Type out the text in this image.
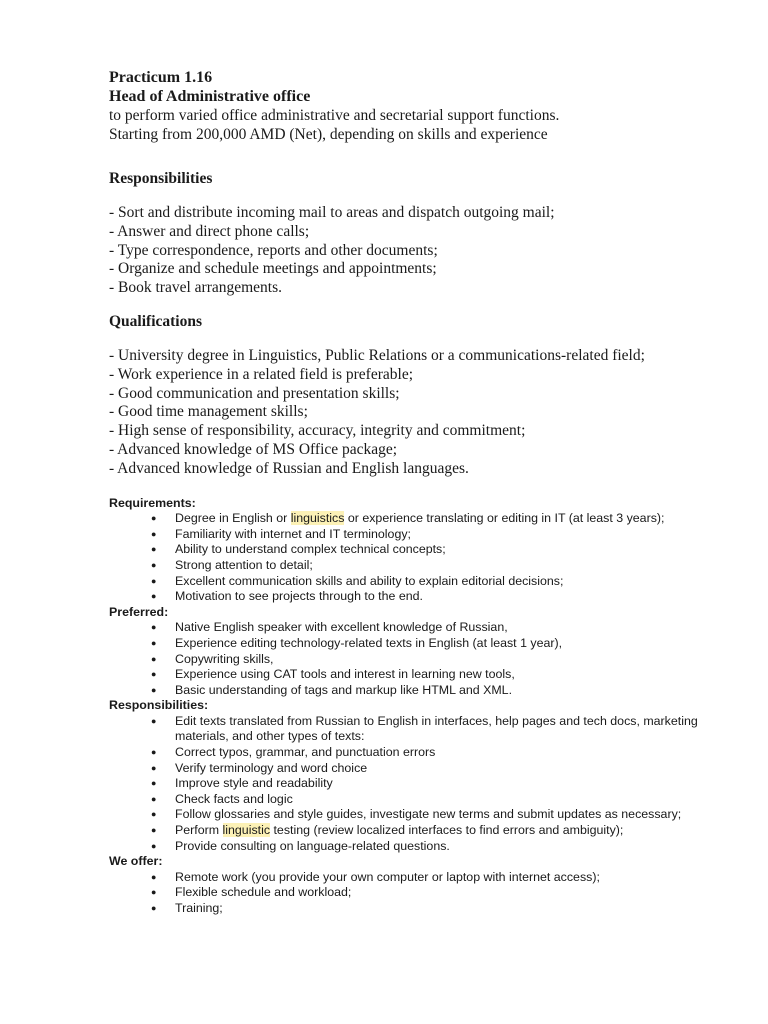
Practicum 1.16
Head of Administrative office
to perform varied office administrative and secretarial support functions.
Starting from 200,000 AMD (Net), depending on skills and experience
Responsibilities
- Sort and distribute incoming mail to areas and dispatch outgoing mail;
- Answer and direct phone calls;
- Type correspondence, reports and other documents;
- Organize and schedule meetings and appointments;
- Book travel arrangements.
Qualifications
- University degree in Linguistics, Public Relations or a communications-related field;
- Work experience in a related field is preferable;
- Good communication and presentation skills;
- Good time management skills;
- High sense of responsibility, accuracy, integrity and commitment;
- Advanced knowledge of MS Office package;
- Advanced knowledge of Russian and English languages.
Requirements:
● Degree in English or linguistics or experience translating or editing in IT (at least 3 years);
● Familiarity with internet and IT terminology;
● Ability to understand complex technical concepts;
● Strong attention to detail;
● Excellent communication skills and ability to explain editorial decisions;
● Motivation to see projects through to the end.
Preferred:
● Native English speaker with excellent knowledge of Russian,
● Experience editing technology-related texts in English (at least 1 year),
● Copywriting skills,
● Experience using CAT tools and interest in learning new tools,
● Basic understanding of tags and markup like HTML and XML.
Responsibilities:
● Edit texts translated from Russian to English in interfaces, help pages and tech docs, marketing materials, and other types of texts:
● Correct typos, grammar, and punctuation errors
● Verify terminology and word choice
● Improve style and readability
● Check facts and logic
● Follow glossaries and style guides, investigate new terms and submit updates as necessary;
● Perform linguistic testing (review localized interfaces to find errors and ambiguity);
● Provide consulting on language-related questions.
We offer:
● Remote work (you provide your own computer or laptop with internet access);
● Flexible schedule and workload;
● Training;
